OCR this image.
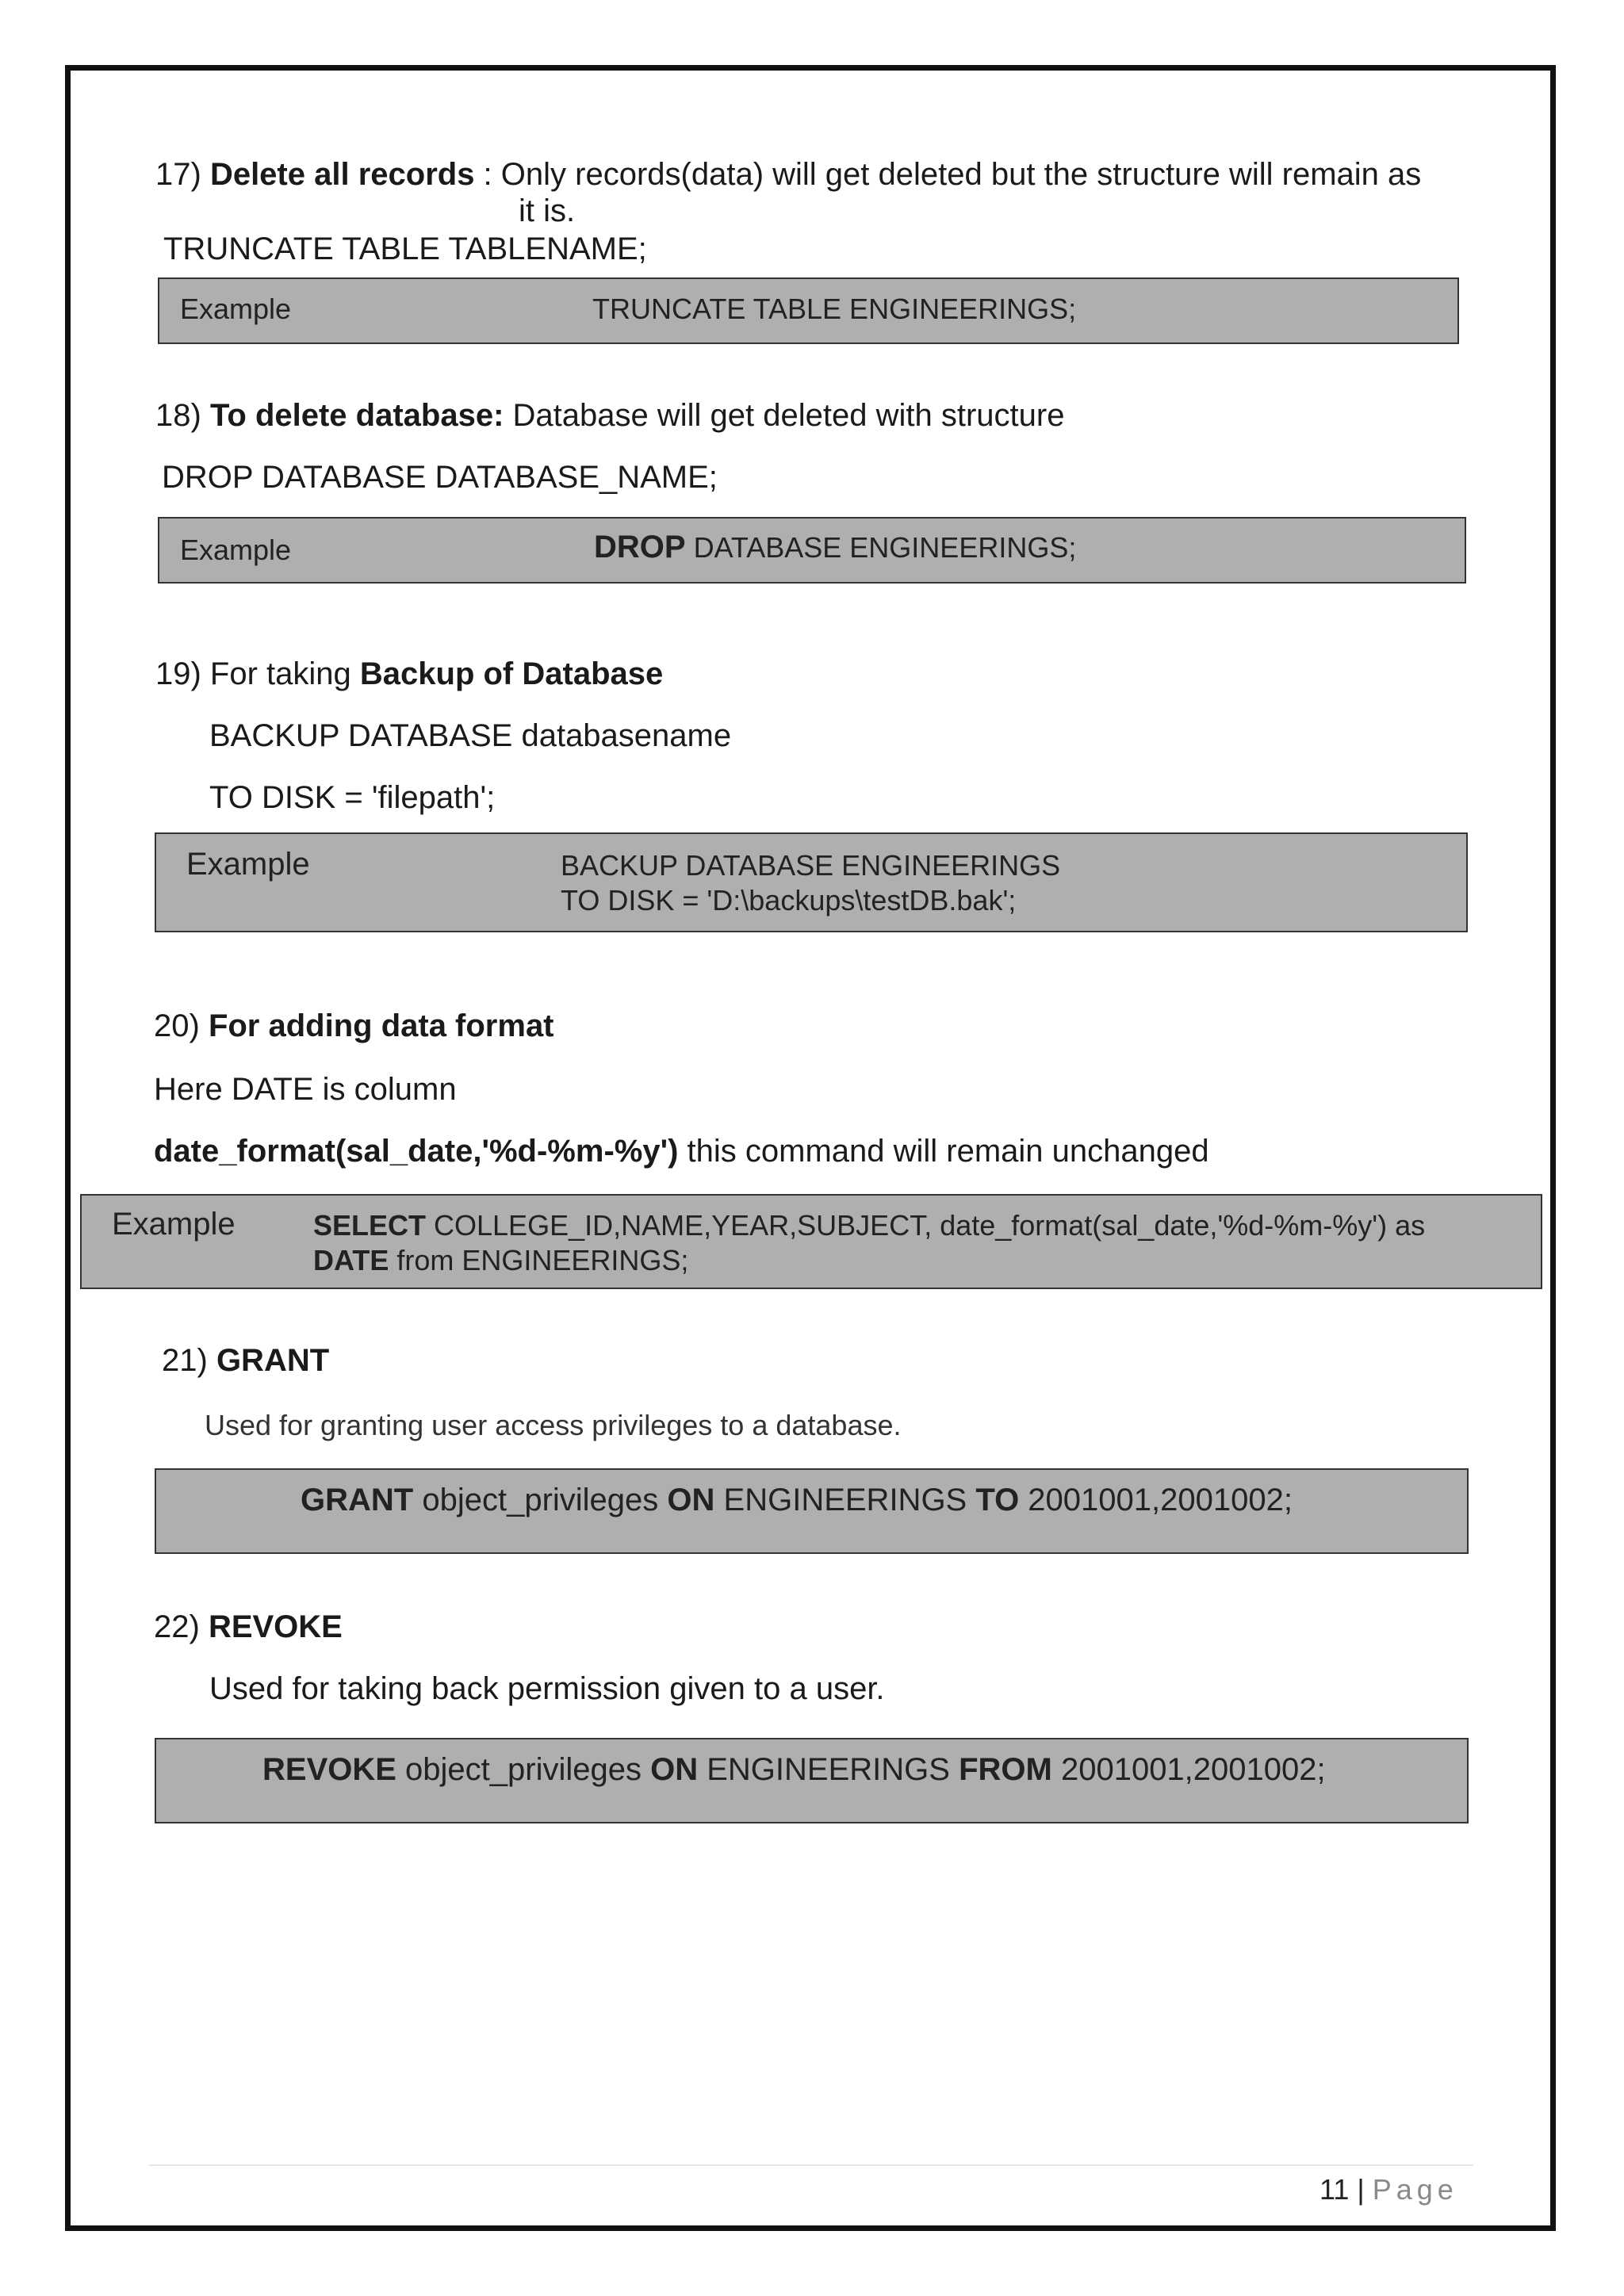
17) Delete all records : Only records(data) will get deleted but the structure will remain as

it is.

TRUNCATE TABLE TABLENAME;

Example	TRUNCATE TABLE ENGINEERINGS;

18) To delete database: Database will get deleted with structure

DROP DATABASE DATABASE_NAME;

Example	DROP DATABASE ENGINEERINGS;

19) For taking Backup of Database

BACKUP DATABASE databasename

TO DISK = 'filepath';

Example	BACKUP DATABASE ENGINEERINGS
TO DISK = 'D:\backups\testDB.bak';

20) For adding data format

Here DATE is column

date_format(sal_date,'%d-%m-%y') this command will remain unchanged

Example	SELECT COLLEGE_ID,NAME,YEAR,SUBJECT, date_format(sal_date,'%d-%m-%y') as
DATE from ENGINEERINGS;

21) GRANT

Used for granting user access privileges to a database.

GRANT object_privileges ON ENGINEERINGS TO 2001001,2001002;

22) REVOKE

Used for taking back permission given to a user.

REVOKE object_privileges ON ENGINEERINGS FROM 2001001,2001002;
11 | Page
